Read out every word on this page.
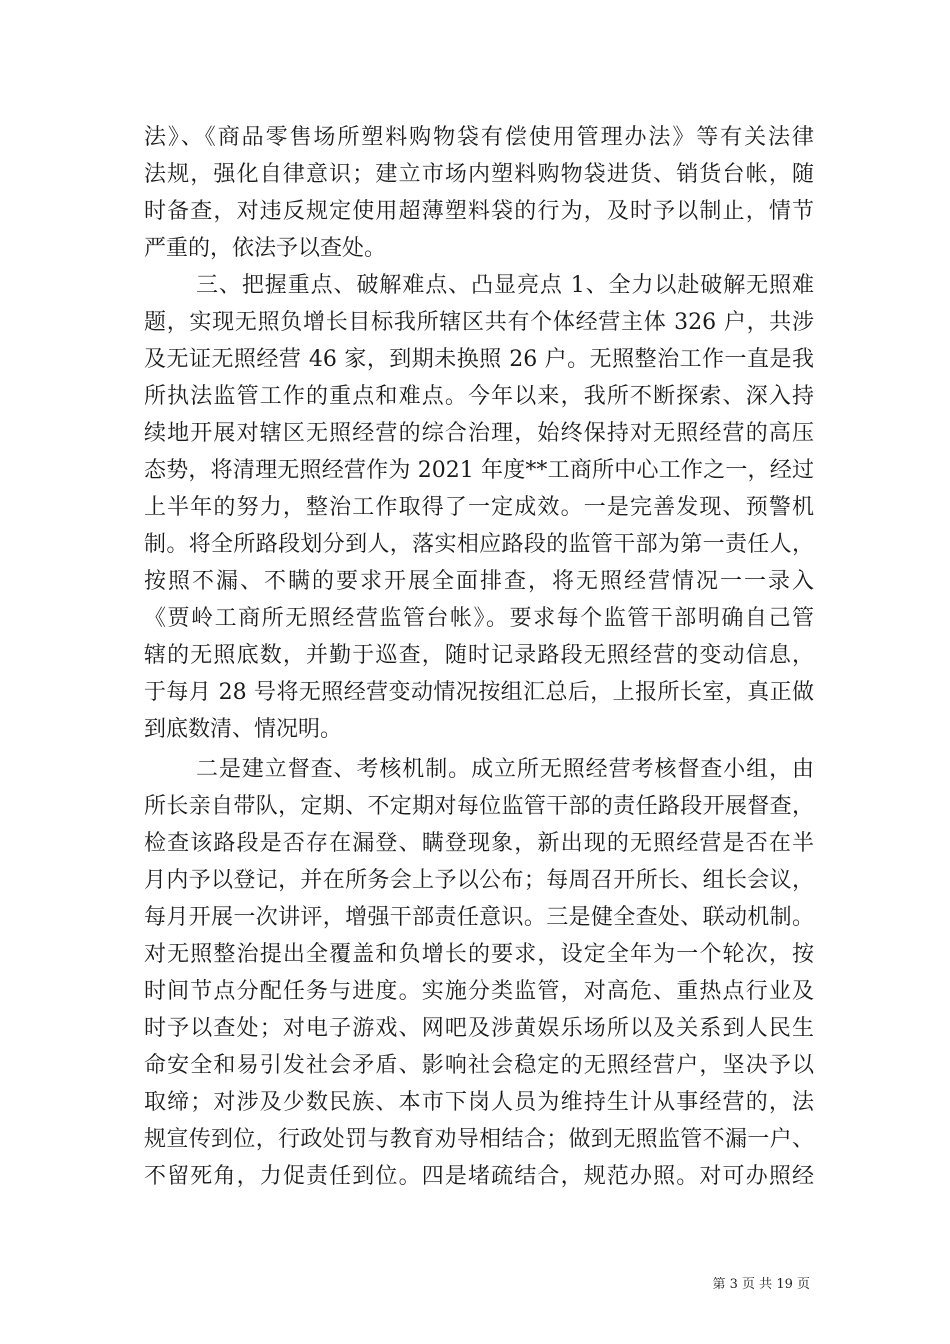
法》、《商品零售场所塑料购物袋有偿使用管理办法》等有关法律
法规，强化自律意识；建立市场内塑料购物袋进货、销货台帐，随
时备查，对违反规定使用超薄塑料袋的行为，及时予以制止，情节
严重的，依法予以查处。
三、把握重点、破解难点、凸显亮点 1、全力以赴破解无照难
题，实现无照负增长目标我所辖区共有个体经营主体 326 户，共涉
及无证无照经营 46 家，到期未换照 26 户。无照整治工作一直是我
所执法监管工作的重点和难点。今年以来，我所不断探索、深入持
续地开展对辖区无照经营的综合治理，始终保持对无照经营的高压
态势，将清理无照经营作为 2021 年度**工商所中心工作之一，经过
上半年的努力，整治工作取得了一定成效。一是完善发现、预警机
制。将全所路段划分到人，落实相应路段的监管干部为第一责任人，
按照不漏、不瞒的要求开展全面排查，将无照经营情况一一录入
《贾岭工商所无照经营监管台帐》。要求每个监管干部明确自己管
辖的无照底数，并勤于巡查，随时记录路段无照经营的变动信息，
于每月 28 号将无照经营变动情况按组汇总后，上报所长室，真正做
到底数清、情况明。
二是建立督查、考核机制。成立所无照经营考核督查小组，由
所长亲自带队，定期、不定期对每位监管干部的责任路段开展督查，
检查该路段是否存在漏登、瞒登现象，新出现的无照经营是否在半
月内予以登记，并在所务会上予以公布；每周召开所长、组长会议，
每月开展一次讲评，增强干部责任意识。三是健全查处、联动机制。
对无照整治提出全覆盖和负增长的要求，设定全年为一个轮次，按
时间节点分配任务与进度。实施分类监管，对高危、重热点行业及
时予以查处；对电子游戏、网吧及涉黄娱乐场所以及关系到人民生
命安全和易引发社会矛盾、影响社会稳定的无照经营户，坚决予以
取缔；对涉及少数民族、本市下岗人员为维持生计从事经营的，法
规宣传到位，行政处罚与教育劝导相结合；做到无照监管不漏一户、
不留死角，力促责任到位。四是堵疏结合，规范办照。对可办照经
第 3 页 共 19 页
